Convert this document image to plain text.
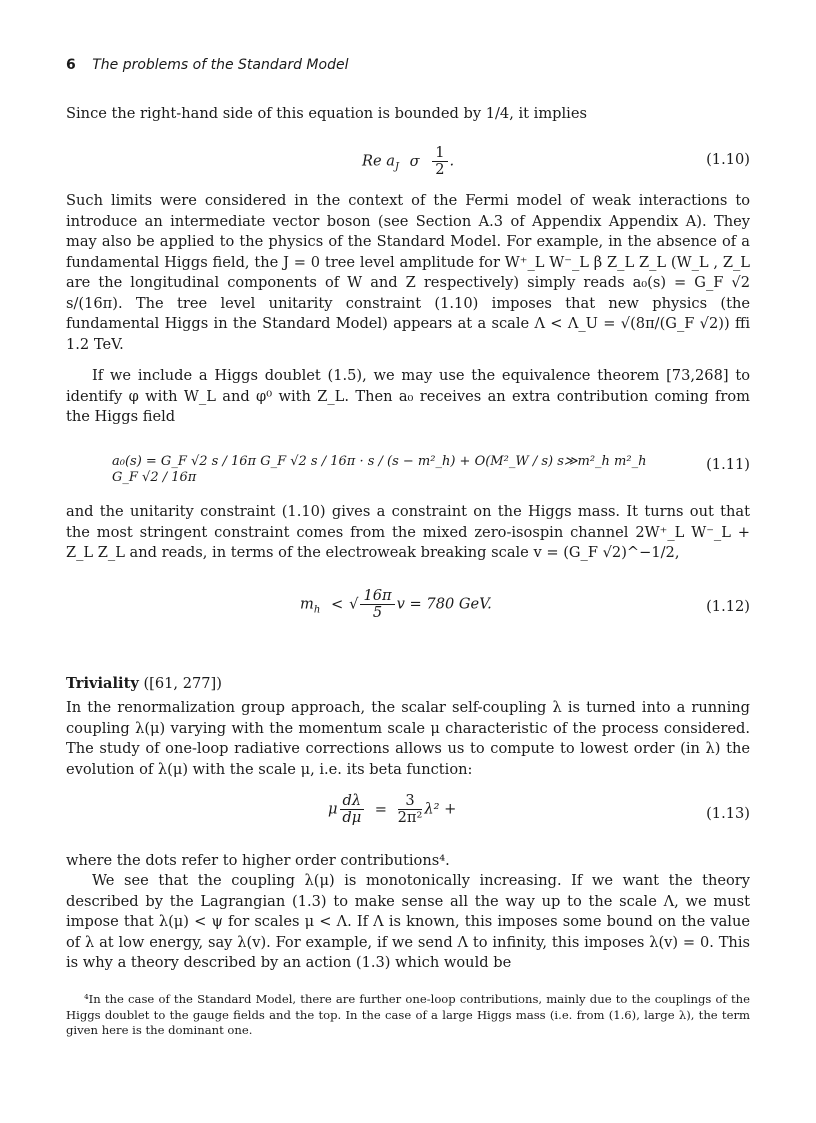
6 The problems of the Standard Model
Since the right-hand side of this equation is bounded by 1/4, it implies
Re $a_J$ σ $\frac{1}{2}$ .	(1.10)
Such limits were considered in the context of the Fermi model of weak interactions to introduce an intermediate vector boson (see Section A.3 of Appendix Appendix A). They may also be applied to the physics of the Standard Model. For example, in the absence of a fundamental Higgs field, the J = 0 tree level amplitude for W⁺_L W⁻_L β Z_L Z_L (W_L , Z_L are the longitudinal components of W and Z respectively) simply reads a₀(s) = G_F √2 s/(16π). The tree level unitarity constraint (1.10) imposes that new physics (the fundamental Higgs in the Standard Model) appears at a scale Λ < Λ_U = √(8π/(G_F √2)) ffi 1.2 TeV.
If we include a Higgs doublet (1.5), we may use the equivalence theorem [73,268] to identify φ with W_L and φ⁰ with Z_L. Then a₀ receives an extra contribution coming from the Higgs field
a₀(s) = G_F √2 s / 16π G_F √2 s / 16π · s / (s − m²_h) + O(M²_W / s) s≫m²_h m²_h G_F √2 / 16π
(1.11)
and the unitarity constraint (1.10) gives a constraint on the Higgs mass. It turns out that the most stringent constraint comes from the mixed zero-isospin channel 2W⁺_L W⁻_L + Z_L Z_L and reads, in terms of the electroweak breaking scale v = (G_F √2)^−1/2,
$m_h$ < √ $\frac{16\pi}{5}$ v = 780 GeV.	(1.12)
Triviality ([61, 277])
In the renormalization group approach, the scalar self-coupling λ is turned into a running coupling λ(μ) varying with the momentum scale μ characteristic of the process considered. The study of one-loop radiative corrections allows us to compute to lowest order (in λ) the evolution of λ(μ) with the scale μ, i.e. its beta function:
μ $\frac{d\lambda}{d\mu} = \frac{3}{\text{2π²}} \lambda^2$ +	(1.13)
where the dots refer to higher order contributions⁴.
We see that the coupling λ(μ) is monotonically increasing. If we want the theory described by the Lagrangian (1.3) to make sense all the way up to the scale Λ, we must impose that λ(μ) < ψ for scales μ < Λ. If Λ is known, this imposes some bound on the value of λ at low energy, say λ(v). For example, if we send Λ to infinity, this imposes λ(v) = 0. This is why a theory described by an action (1.3) which would be
⁴In the case of the Standard Model, there are further one-loop contributions, mainly due to the couplings of the Higgs doublet to the gauge fields and the top. In the case of a large Higgs mass (i.e. from (1.6), large λ), the term given here is the dominant one.
